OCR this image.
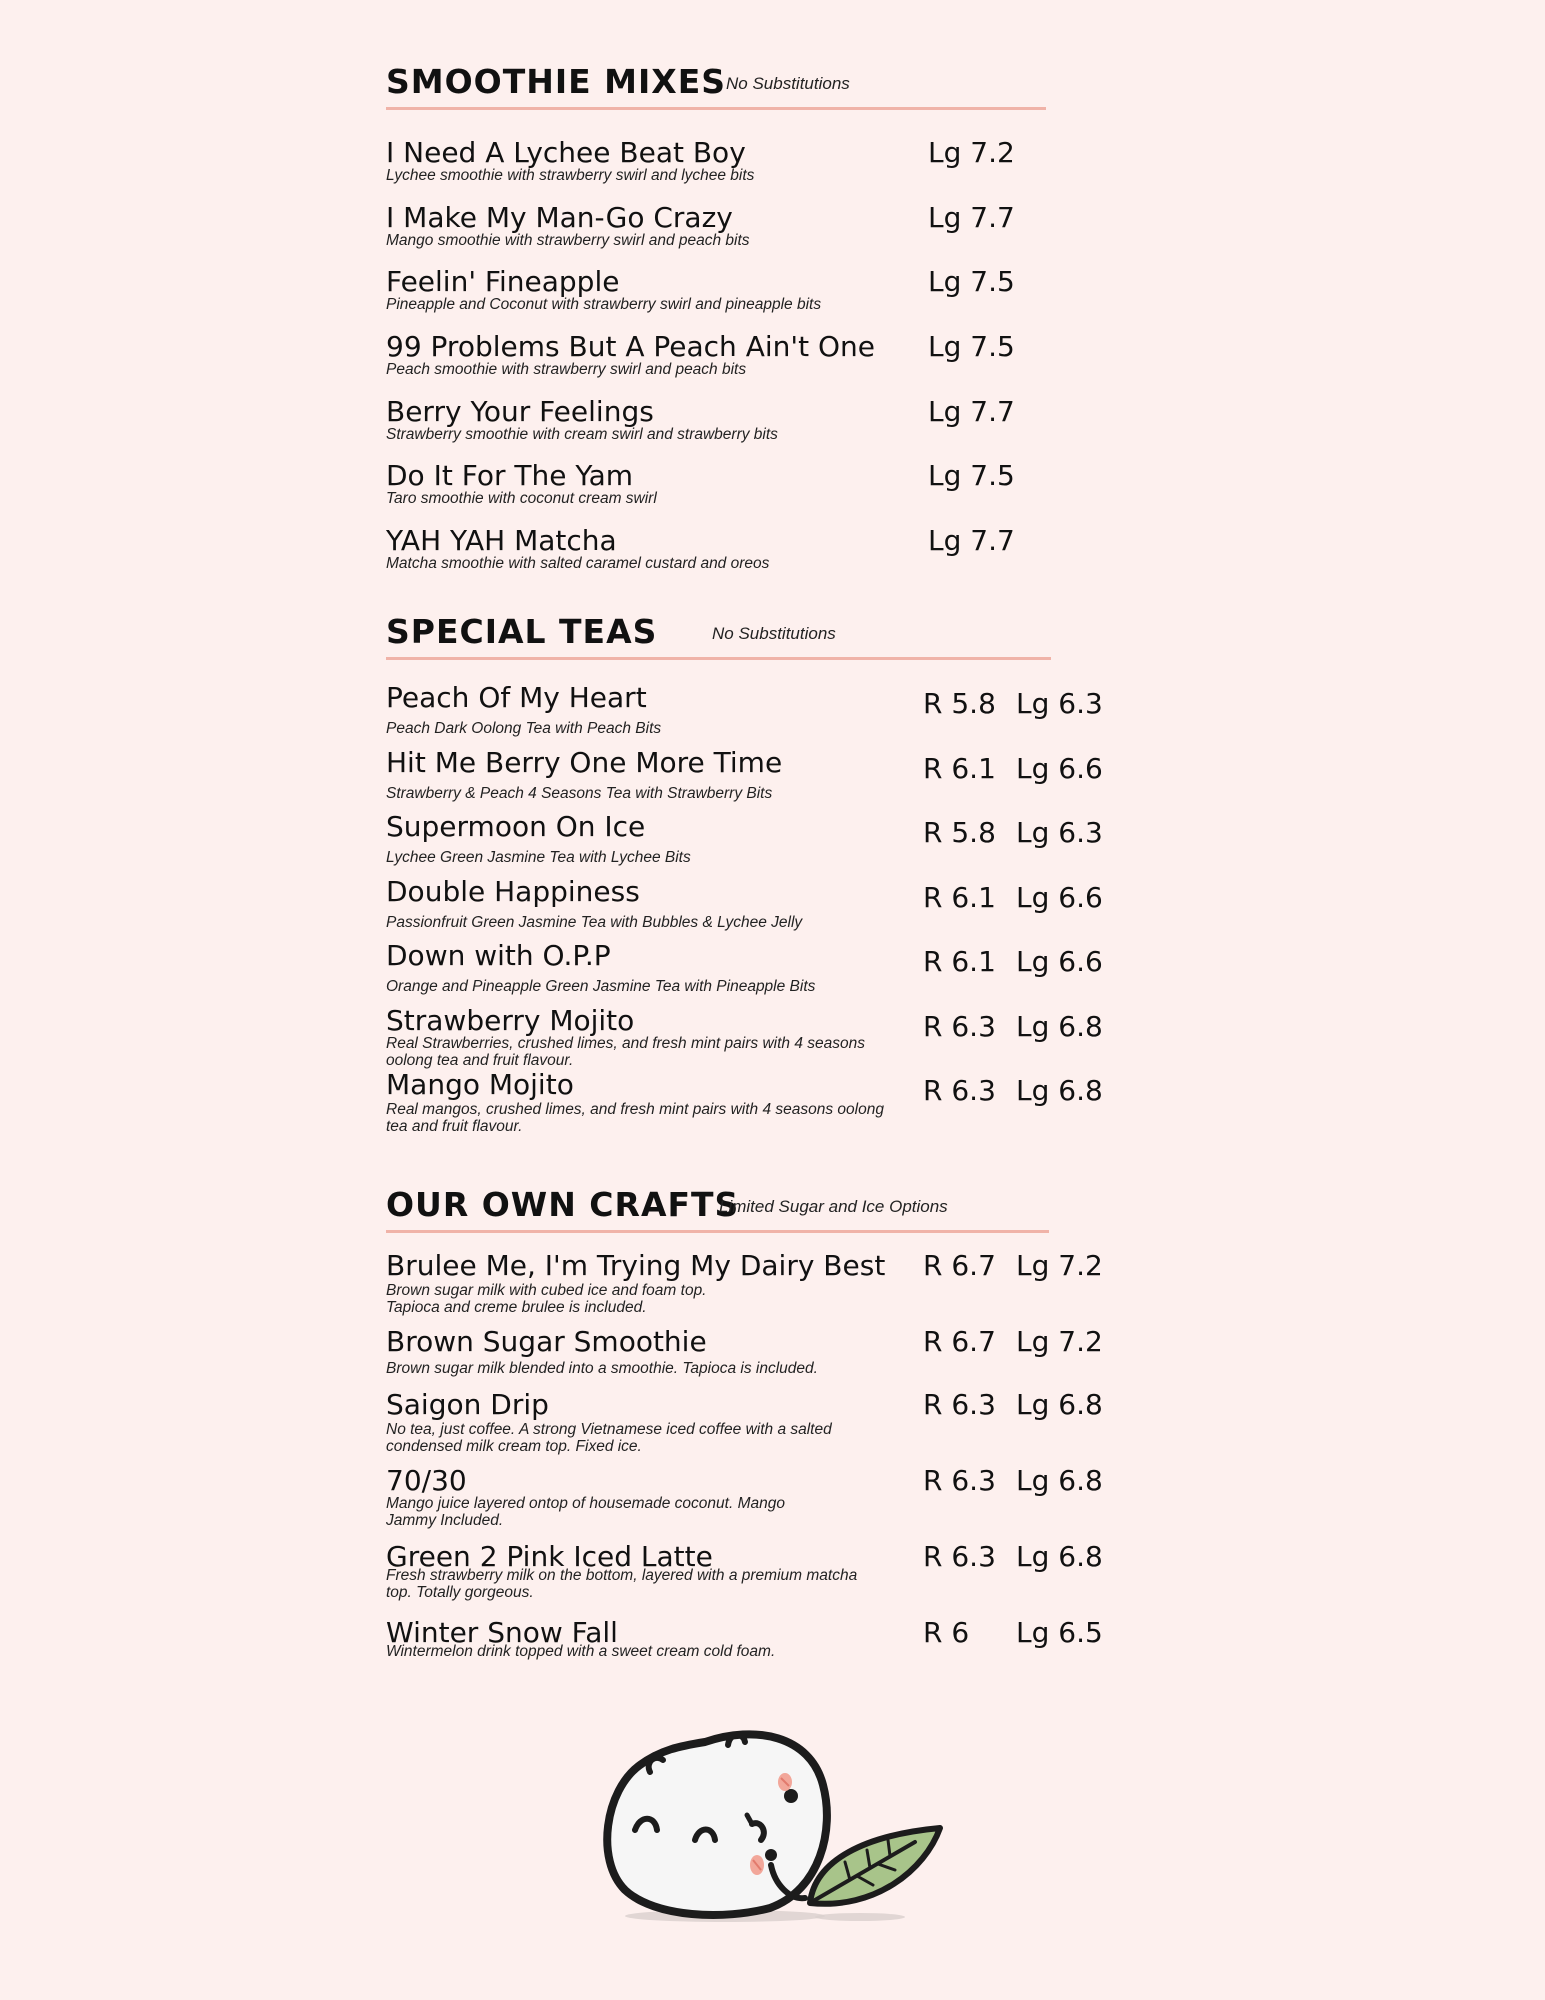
SMOOTHIE MIXES No Substitutions
I Need A Lychee Beat Boy
Lychee smoothie with strawberry swirl and lychee bits
Lg 7.2
I Make My Man-Go Crazy
Mango smoothie with strawberry swirl and peach bits
Lg 7.7
Feelin' Fineapple
Pineapple and Coconut with strawberry swirl and pineapple bits
Lg 7.5
99 Problems But A Peach Ain't One
Peach smoothie with strawberry swirl and peach bits
Lg 7.5
Berry Your Feelings
Strawberry smoothie with cream swirl and strawberry bits
Lg 7.7
Do It For The Yam
Taro smoothie with coconut cream swirl
Lg 7.5
YAH YAH Matcha
Matcha smoothie with salted caramel custard and oreos
Lg 7.7
SPECIAL TEAS	No Substitutions
Peach Of My Heart
Peach Dark Oolong Tea with Peach Bits
R 5.8 Lg 6.3
Hit Me Berry One More Time
Strawberry & Peach 4 Seasons Tea with Strawberry Bits
R 6.1 Lg 6.6
Supermoon On Ice
Lychee Green Jasmine Tea with Lychee Bits
R 5.8 Lg 6.3
Double Happiness
Passionfruit Green Jasmine Tea with Bubbles & Lychee Jelly
R 6.1 Lg 6.6
Down with O.P.P
Orange and Pineapple Green Jasmine Tea with Pineapple Bits
R 6.1 Lg 6.6
Strawberry Mojito
Real Strawberries, crushed limes, and fresh mint pairs with 4 seasons oolong tea and fruit flavour.
R 6.3 Lg 6.8
Mango Mojito
Real mangos, crushed limes, and fresh mint pairs with 4 seasons oolong tea and fruit flavour.
R 6.3 Lg 6.8
OUR OWN CRAFTS
Limited Sugar and Ice Options
Brulee Me, I'm Trying My Dairy Best
Brown sugar milk with cubed ice and foam top. Tapioca and creme brulee is included.
R 6.7 Lg 7.2
Brown Sugar Smoothie
Brown sugar milk blended into a smoothie. Tapioca is included.
R 6.7 Lg 7.2
Saigon Drip
No tea, just coffee. A strong Vietnamese iced coffee with a salted condensed milk cream top. Fixed ice.
R 6.3 Lg 6.8
70/30
Mango juice layered ontop of housemade coconut. Mango Jammy Included.
R 6.3 Lg 6.8
Green 2 Pink Iced Latte
Fresh strawberry milk on the bottom, layered with a premium matcha top. Totally gorgeous.
R 6.3 Lg 6.8
Winter Snow Fall
Wintermelon drink topped with a sweet cream cold foam.
R 6 Lg 6.5
